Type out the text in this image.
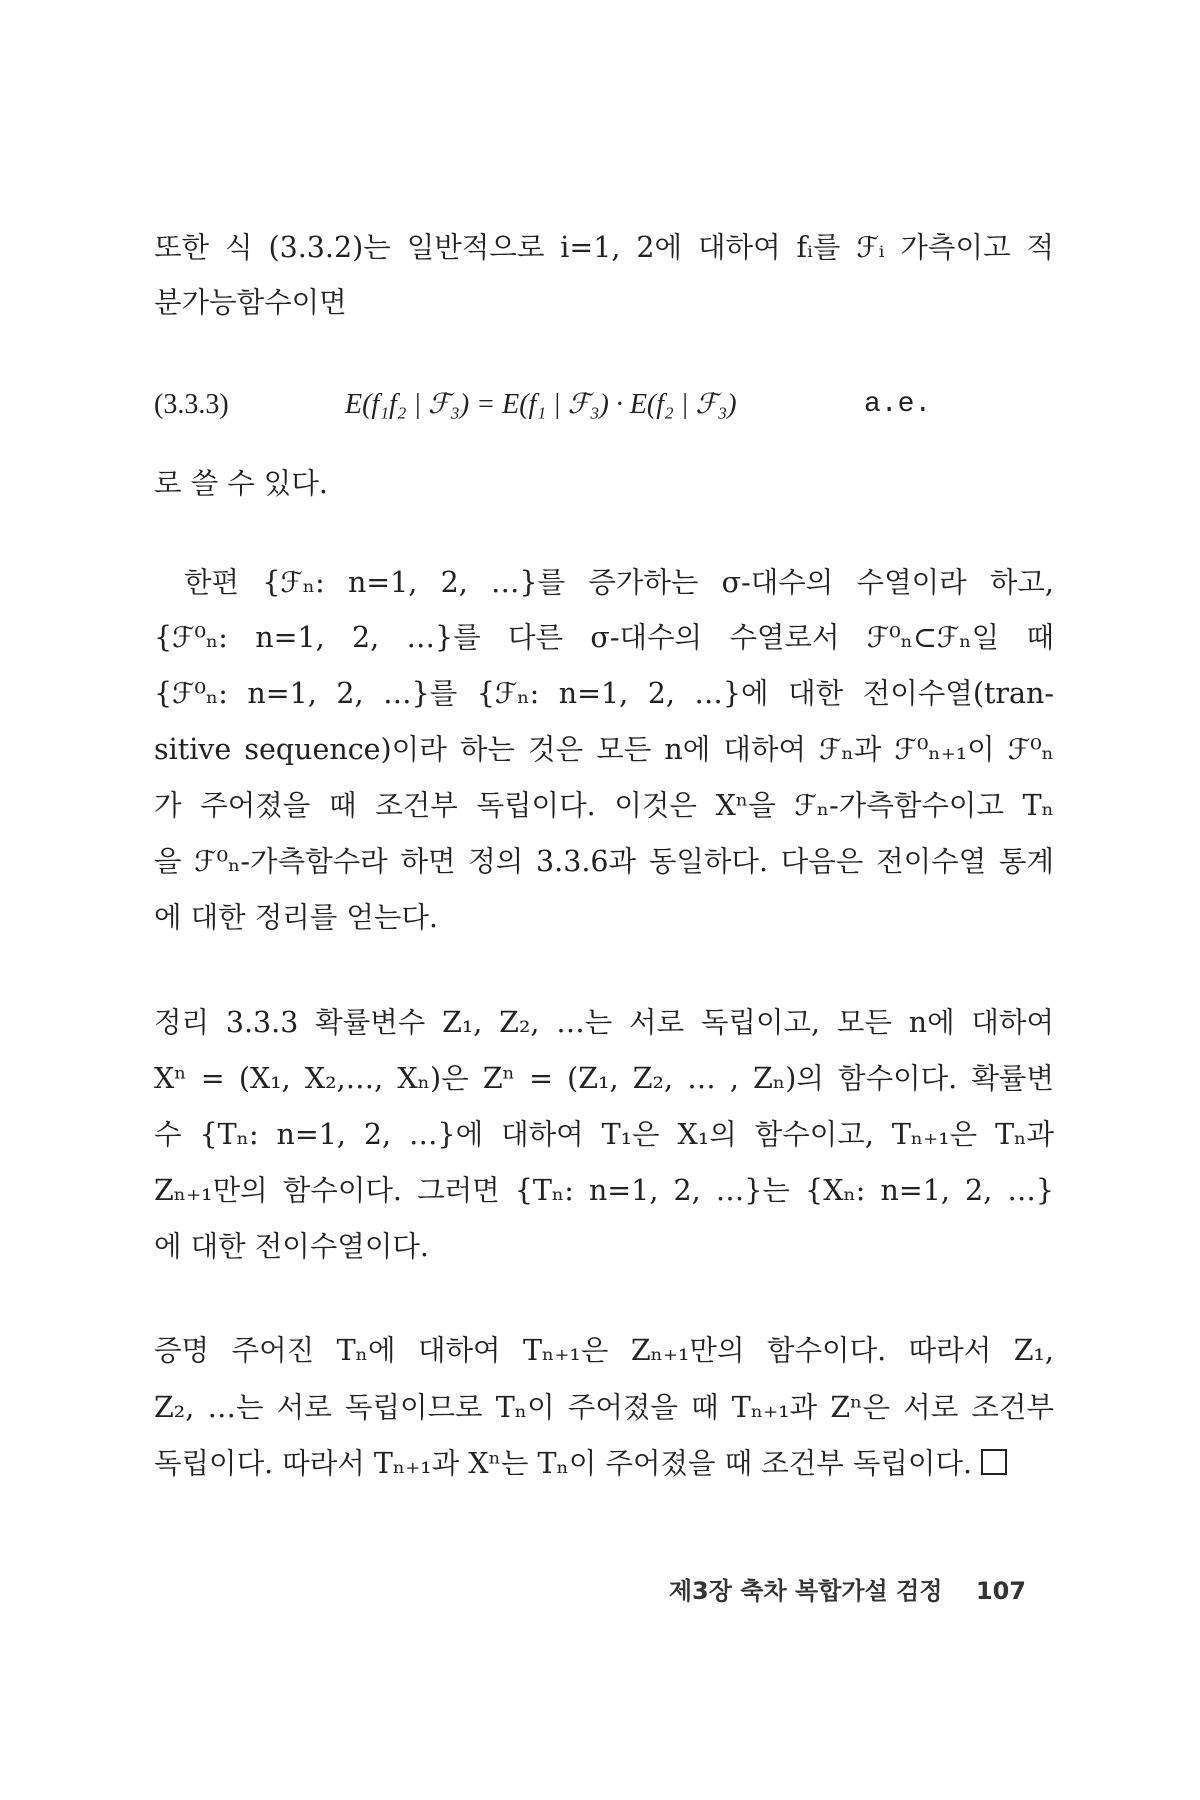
또한 식 (3.3.2)는 일반적으로 i=1, 2에 대하여 fᵢ를 ℱᵢ 가측이고 적
분가능함수이면
(3.3.3)	E(f₁f₂ | ℱ₃) = E(f₁ | ℱ₃) · E(f₂ | ℱ₃)	a.e.
로 쓸 수 있다.
한편 {ℱₙ: n=1, 2, …}를 증가하는 σ-대수의 수열이라 하고,
{ℱ⁰ₙ: n=1, 2, …}를 다른 σ-대수의 수열로서 ℱ⁰ₙ⊂ℱₙ일 때
{ℱ⁰ₙ: n=1, 2, …}를 {ℱₙ: n=1, 2, …}에 대한 전이수열(tran-
sitive sequence)이라 하는 것은 모든 n에 대하여 ℱₙ과 ℱ⁰ₙ₊₁이 ℱ⁰ₙ
가 주어졌을 때 조건부 독립이다. 이것은 Xⁿ을 ℱₙ-가측함수이고 Tₙ
을 ℱ⁰ₙ-가측함수라 하면 정의 3.3.6과 동일하다. 다음은 전이수열 통계
에 대한 정리를 얻는다.
정리 3.3.3 확률변수 Z₁, Z₂, …는 서로 독립이고, 모든 n에 대하여
Xⁿ = (X₁, X₂,…, Xₙ)은 Zⁿ = (Z₁, Z₂, … , Zₙ)의 함수이다. 확률변
수 {Tₙ: n=1, 2, …}에 대하여 T₁은 X₁의 함수이고, Tₙ₊₁은 Tₙ과
Zₙ₊₁만의 함수이다. 그러면 {Tₙ: n=1, 2, …}는 {Xₙ: n=1, 2, …}
에 대한 전이수열이다.
증명 주어진 Tₙ에 대하여 Tₙ₊₁은 Zₙ₊₁만의 함수이다. 따라서 Z₁,
Z₂, …는 서로 독립이므로 Tₙ이 주어졌을 때 Tₙ₊₁과 Zⁿ은 서로 조건부
독립이다. 따라서 Tₙ₊₁과 Xⁿ는 Tₙ이 주어졌을 때 조건부 독립이다.
제3장 축차 복합가설 검정 107
